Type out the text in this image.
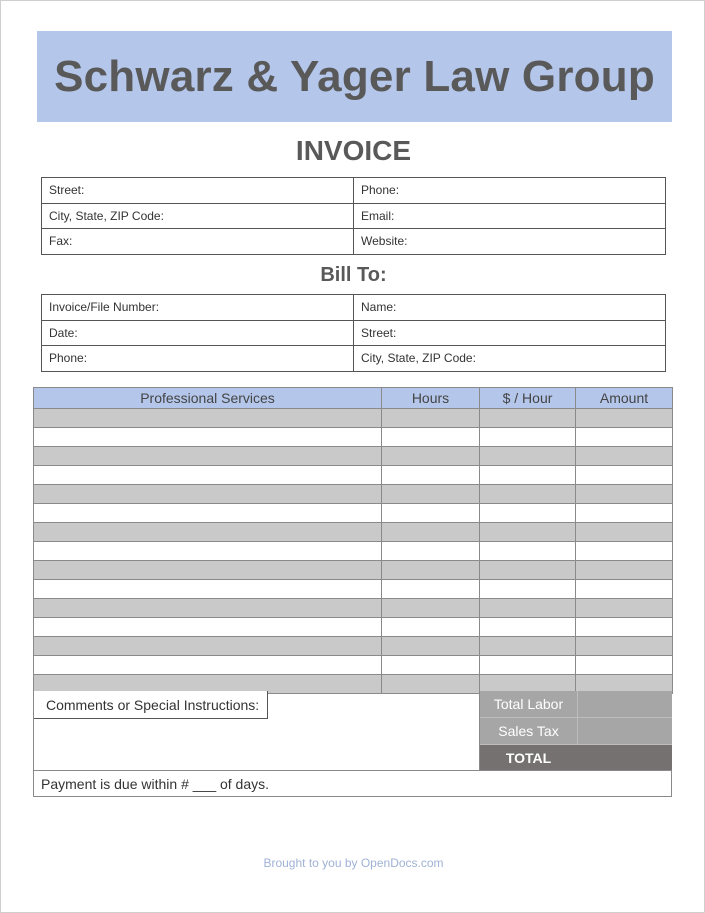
Schwarz & Yager Law Group
INVOICE
Street:	Phone:
City, State, ZIP Code:	Email:
Fax:	Website:
Bill To:
Invoice/File Number:	Name:
Date:	Street:
Phone:	City, State, ZIP Code:
Professional Services	Hours	$ / Hour	Amount

Comments or Special Instructions:	Total Labor
Sales Tax
TOTAL
Payment is due within # ___ of days.
Brought to you by OpenDocs.com
